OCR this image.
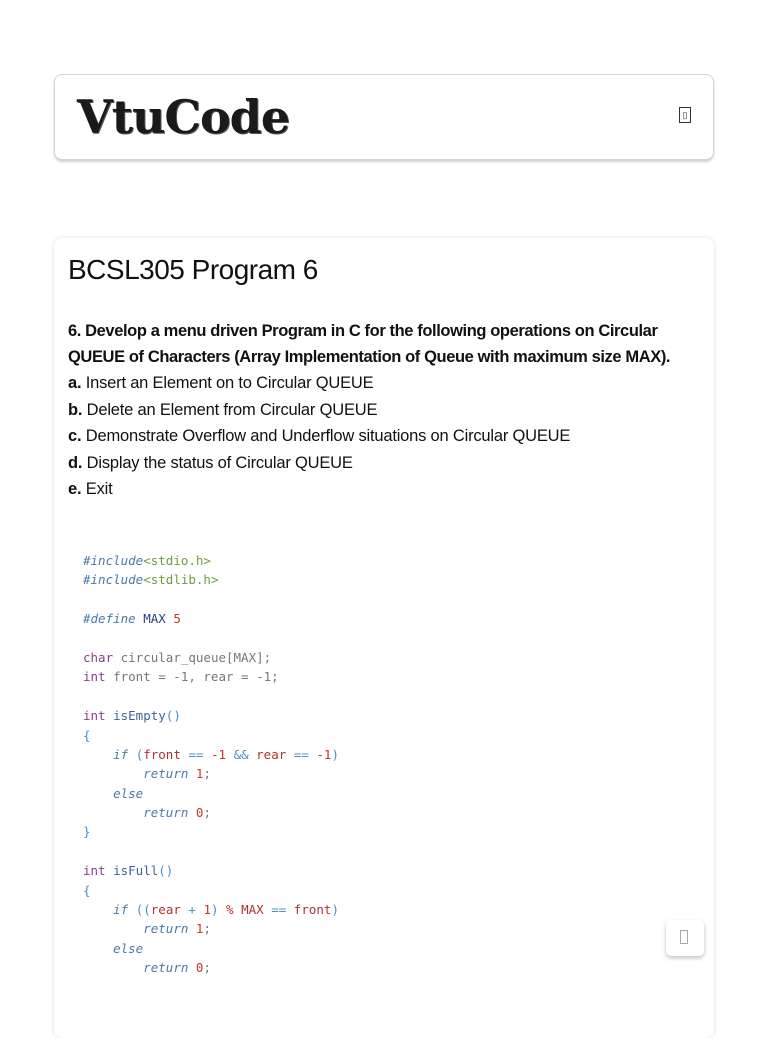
VtuCode	▯
BCSL305 Program 6

6. Develop a menu driven Program in C for the following operations on Circular QUEUE of Characters (Array Implementation of Queue with maximum size MAX).

a. Insert an Element on to Circular QUEUE
b. Delete an Element from Circular QUEUE
c. Demonstrate Overflow and Underflow situations on Circular QUEUE
d. Display the status of Circular QUEUE
e. Exit
#include<stdio.h>
#include<stdlib.h>
#define MAX 5
char circular_queue[MAX];
int front = -1, rear = -1;
int isEmpty()
{
if (front == -1 && rear == -1)
return 1;
else
return 0;
}
int isFull()
{
if ((rear + 1) % MAX == front)
return 1;
else
return 0;
